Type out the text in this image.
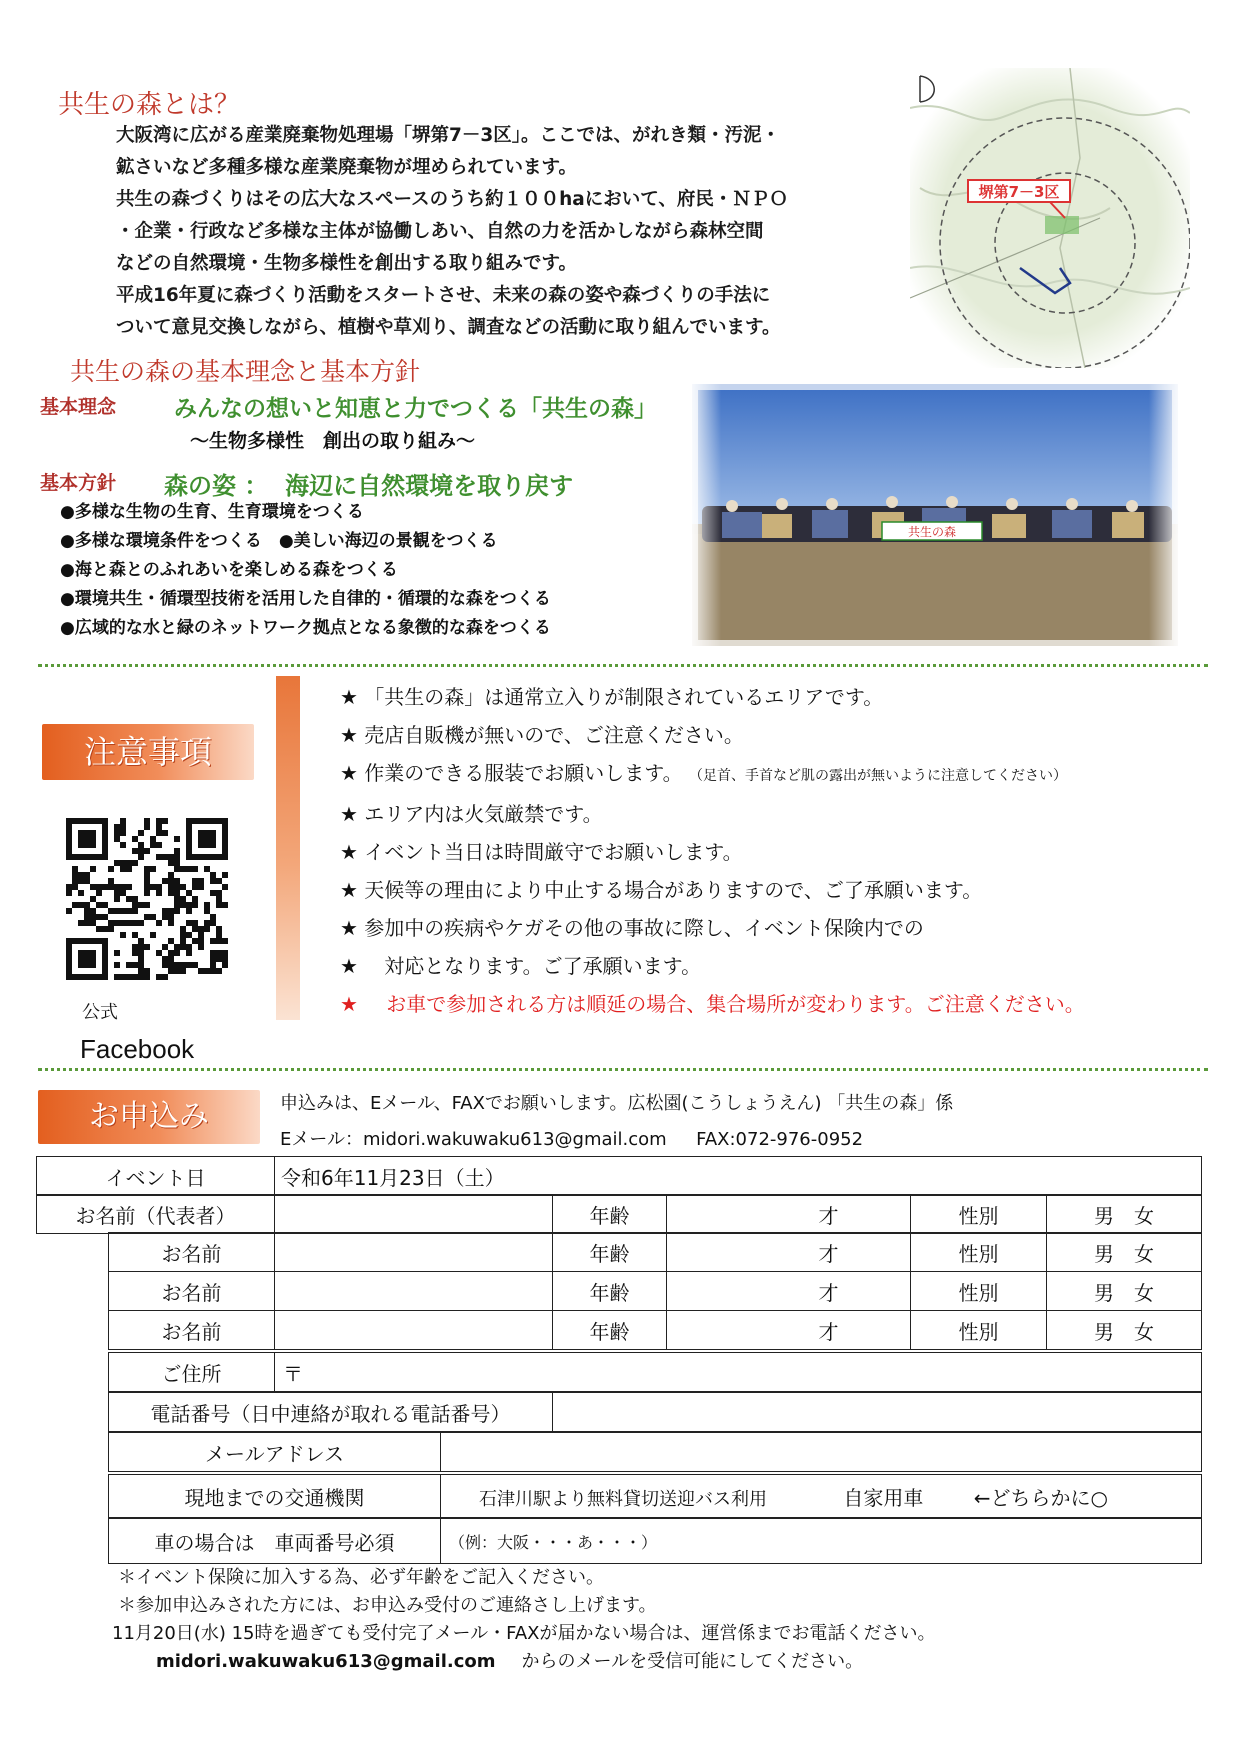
共生の森とは？

大阪湾に広がる産業廃棄物処理場「堺第7－3区」。ここでは、がれき類・汚泥・

鉱さいなど多種多様な産業廃棄物が埋められています。

共生の森づくりはその広大なスペースのうち約１００haにおいて、府民・ＮＰＯ

・企業・行政など多様な主体が協働しあい、自然の力を活かしながら森林空間

などの自然環境・生物多様性を創出する取り組みです。

平成16年夏に森づくり活動をスタートさせ、未来の森の姿や森づくりの手法に

ついて意見交換しながら、植樹や草刈り、調査などの活動に取り組んでいます。

堺第7－3区
共生の森の基本理念と基本方針
基本理念	みんなの想いと知恵と力でつくる「共生の森」
～生物多様性　創出の取り組み～
基本方針 森の姿 ：  海辺に自然環境を取り戻す
●多様な生物の生育、生育環境をつくる
●多様な環境条件をつくる　●美しい海辺の景観をつくる
●海と森とのふれあいを楽しめる森をつくる
●環境共生・循環型技術を活用した自律的・循環的な森をつくる
●広域的な水と緑のネットワーク拠点となる象徴的な森をつくる
注意事項
公式
Facebook
★ 「共生の森」は通常立入りが制限されているエリアです。
★ 売店自販機が無いので、ご注意ください。
★ 作業のできる服装でお願いします。 （足首、手首など肌の露出が無いように注意してください）
★ エリア内は火気厳禁です。
★ イベント当日は時間厳守でお願いします。
★ 天候等の理由により中止する場合がありますので、ご了承願います。
★ 参加中の疾病やケガその他の事故に際し、イベント保険内での
★　 対応となります。ご了承願います。
★ お車で参加される方は順延の場合、集合場所が変わります。ご注意ください。
お申込み	申込みは、Eメール、FAXでお願いします。広松園(こうしょうえん) 「共生の森」係
Eメール：midori.wakuwaku613@gmail.com　  FAX:072-976-0952
イベント日	令和6年11月23日（土）
お名前（代表者）		年齢	才	性別	男　女
お名前		年齢	才	性別	男　女
お名前		年齢	才	性別	男　女
お名前		年齢	才	性別	男　女
ご住所	〒
電話番号（日中連絡が取れる電話番号）	
メールアドレス	
現地までの交通機関	石津川駅より無料貸切送迎バス利用	自家用車	←どちらかに○
車の場合は　車両番号必須	（例：大阪・・・あ・・・）
＊イベント保険に加入する為、必ず年齢をご記入ください。
＊参加申込みされた方には、お申込み受付のご連絡さし上げます。
11月20日(水) 15時を過ぎても受付完了メール・FAXが届かない場合は、運営係までお電話ください。
midori.wakuwaku613@gmail.com からのメールを受信可能にしてください。
